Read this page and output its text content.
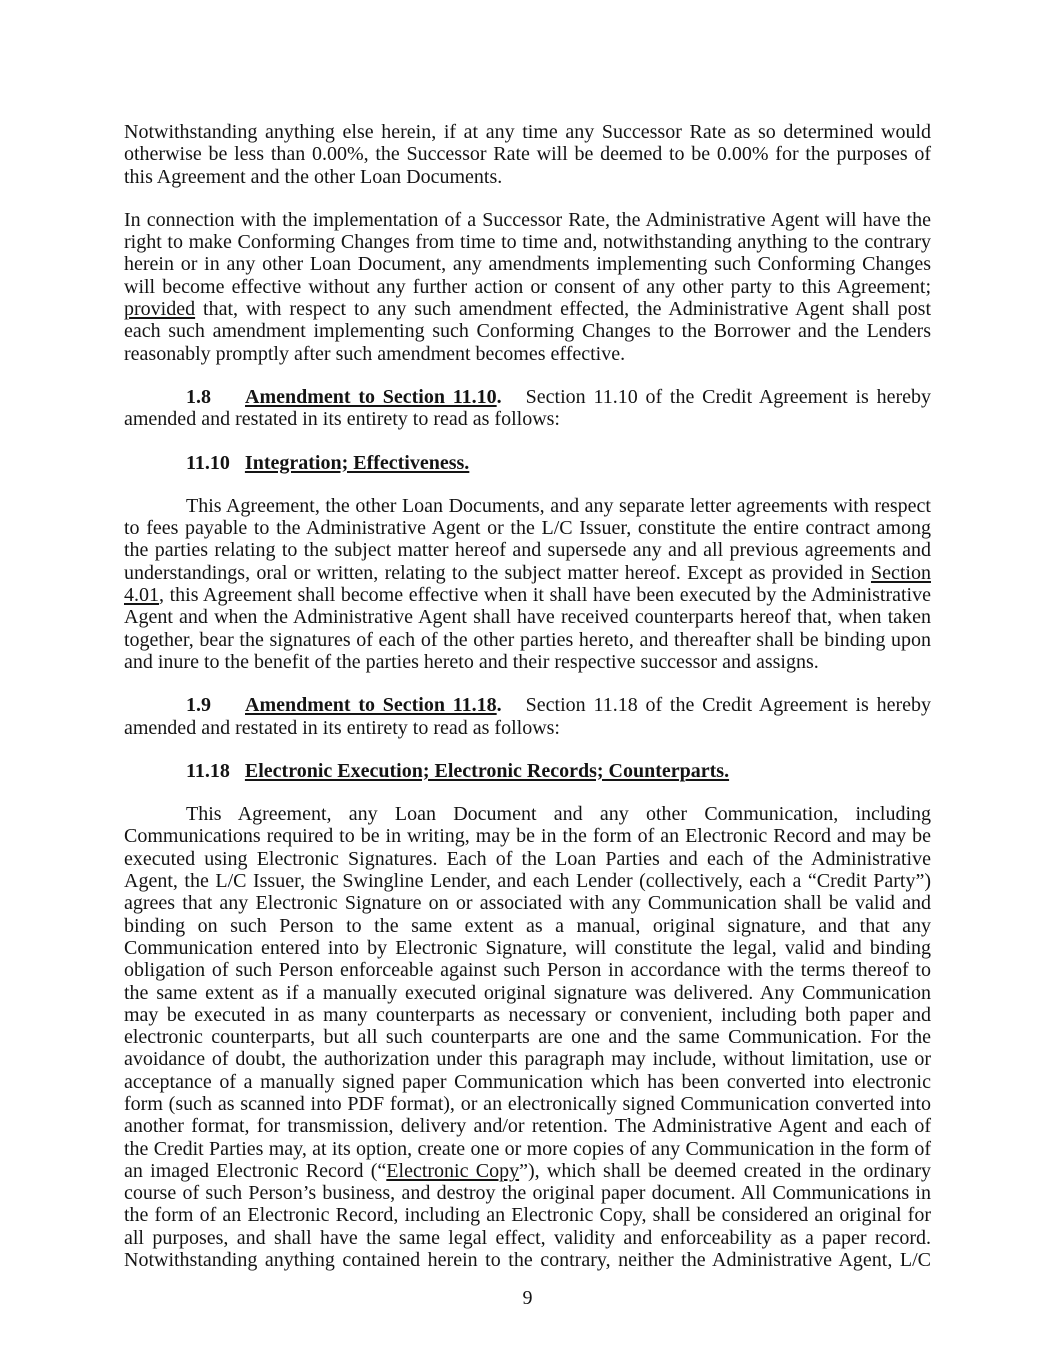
Notwithstanding anything else herein, if at any time any Successor Rate as so determined would otherwise be less than 0.00%, the Successor Rate will be deemed to be 0.00% for the purposes of this Agreement and the other Loan Documents.

In connection with the implementation of a Successor Rate, the Administrative Agent will have the right to make Conforming Changes from time to time and, notwithstanding anything to the contrary herein or in any other Loan Document, any amendments implementing such Conforming Changes will become effective without any further action or consent of any other party to this Agreement; provided that, with respect to any such amendment effected, the Administrative Agent shall post each such amendment implementing such Conforming Changes to the Borrower and the Lenders reasonably promptly after such amendment becomes effective.

1.8 Amendment to Section 11.10. Section 11.10 of the Credit Agreement is hereby amended and restated in its entirety to read as follows:

11.10 Integration; Effectiveness.

This Agreement, the other Loan Documents, and any separate letter agreements with respect to fees payable to the Administrative Agent or the L/C Issuer, constitute the entire contract among the parties relating to the subject matter hereof and supersede any and all previous agreements and understandings, oral or written, relating to the subject matter hereof. Except as provided in Section 4.01, this Agreement shall become effective when it shall have been executed by the Administrative Agent and when the Administrative Agent shall have received counterparts hereof that, when taken together, bear the signatures of each of the other parties hereto, and thereafter shall be binding upon and inure to the benefit of the parties hereto and their respective successor and assigns.

1.9 Amendment to Section 11.18. Section 11.18 of the Credit Agreement is hereby amended and restated in its entirety to read as follows:

11.18 Electronic Execution; Electronic Records; Counterparts.

This Agreement, any Loan Document and any other Communication, including Communications required to be in writing, may be in the form of an Electronic Record and may be executed using Electronic Signatures. Each of the Loan Parties and each of the Administrative Agent, the L/C Issuer, the Swingline Lender, and each Lender (collectively, each a “Credit Party”) agrees that any Electronic Signature on or associated with any Communication shall be valid and binding on such Person to the same extent as a manual, original signature, and that any Communication entered into by Electronic Signature, will constitute the legal, valid and binding obligation of such Person enforceable against such Person in accordance with the terms thereof to the same extent as if a manually executed original signature was delivered. Any Communication may be executed in as many counterparts as necessary or convenient, including both paper and electronic counterparts, but all such counterparts are one and the same Communication. For the avoidance of doubt, the authorization under this paragraph may include, without limitation, use or acceptance of a manually signed paper Communication which has been converted into electronic form (such as scanned into PDF format), or an electronically signed Communication converted into another format, for transmission, delivery and/or retention. The Administrative Agent and each of the Credit Parties may, at its option, create one or more copies of any Communication in the form of an imaged Electronic Record (“Electronic Copy”), which shall be deemed created in the ordinary course of such Person’s business, and destroy the original paper document. All Communications in the form of an Electronic Record, including an Electronic Copy, shall be considered an original for all purposes, and shall have the same legal effect, validity and enforceability as a paper record. Notwithstanding anything contained herein to the contrary, neither the Administrative Agent, L/C

9
